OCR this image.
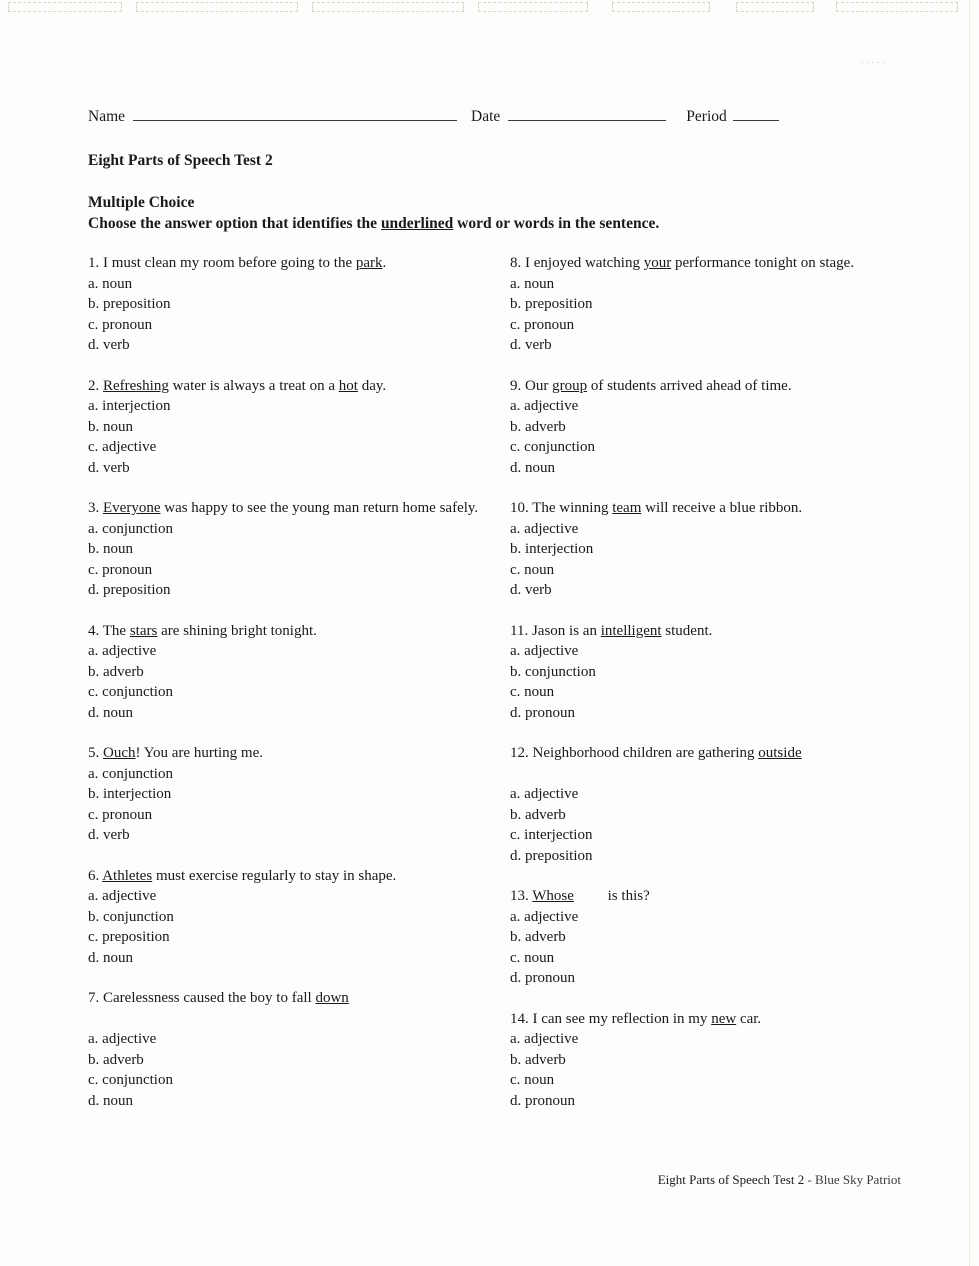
·····
Name	Date	Period
Eight Parts of Speech Test 2
Multiple Choice
Choose the answer option that identifies the underlined word or words in the sentence.
1. I must clean my room before going to the park.
a. noun
b. preposition
c. pronoun
d. verb
2. Refreshing water is always a treat on a hot day.
a. interjection
b. noun
c. adjective
d. verb
3. Everyone was happy to see the young man return home safely.
a. conjunction
b. noun
c. pronoun
d. preposition
4. The stars are shining bright tonight.
a. adjective
b. adverb
c. conjunction
d. noun
5. Ouch! You are hurting me.
a. conjunction
b. interjection
c. pronoun
d. verb
6. Athletes must exercise regularly to stay in shape.
a. adjective
b. conjunction
c. preposition
d. noun
7. Carelessness caused the boy to fall down
a. adjective
b. adverb
c. conjunction
d. noun
8. I enjoyed watching your performance tonight on stage.
a. noun
b. preposition
c. pronoun
d. verb
9. Our group of students arrived ahead of time.
a. adjective
b. adverb
c. conjunction
d. noun
10. The winning team will receive a blue ribbon.
a. adjective
b. interjection
c. noun
d. verb
11. Jason is an intelligent student.
a. adjective
b. conjunction
c. noun
d. pronoun
12. Neighborhood children are gathering outside
a. adjective
b. adverb
c. interjection
d. preposition
13. Whose         is this?
a. adjective
b. adverb
c. noun
d. pronoun
14. I can see my reflection in my new car.
a. adjective
b. adverb
c. noun
d. pronoun
Eight Parts of Speech Test 2 - Blue Sky Patriot
